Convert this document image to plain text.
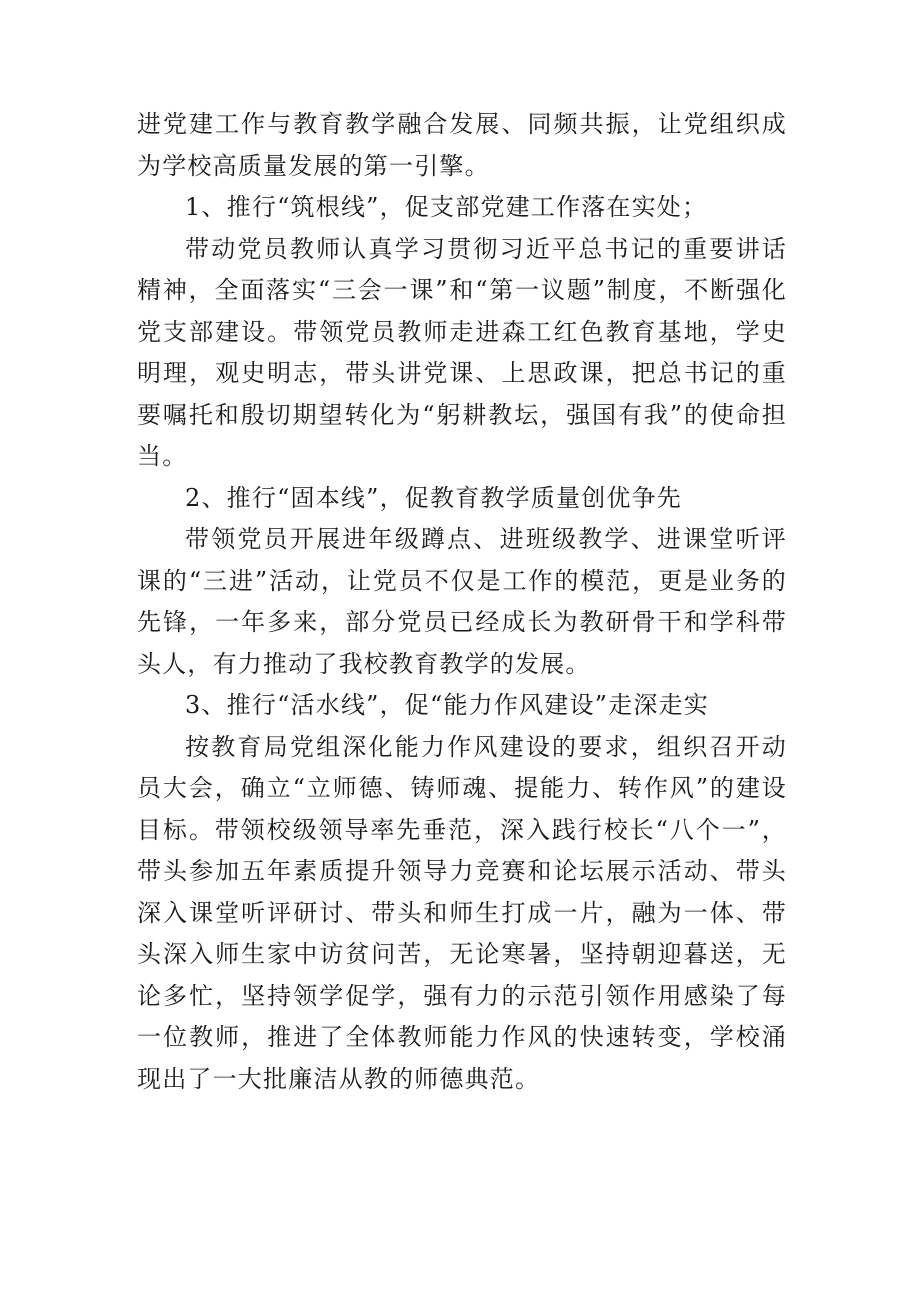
进党建工作与教育教学融合发展、同频共振，让党组织成为学校高质量发展的第一引擎。

1、推行“筑根线”，促支部党建工作落在实处；

带动党员教师认真学习贯彻习近平总书记的重要讲话精神，全面落实“三会一课”和“第一议题”制度，不断强化党支部建设。带领党员教师走进森工红色教育基地，学史明理，观史明志，带头讲党课、上思政课，把总书记的重要嘱托和殷切期望转化为“躬耕教坛，强国有我”的使命担当。

2、推行“固本线”，促教育教学质量创优争先

带领党员开展进年级蹲点、进班级教学、进课堂听评课的“三进”活动，让党员不仅是工作的模范，更是业务的先锋，一年多来，部分党员已经成长为教研骨干和学科带头人，有力推动了我校教育教学的发展。

3、推行“活水线”，促“能力作风建设”走深走实

按教育局党组深化能力作风建设的要求，组织召开动员大会，确立“立师德、铸师魂、提能力、转作风”的建设目标。带领校级领导率先垂范，深入践行校长“八个一”，带头参加五年素质提升领导力竞赛和论坛展示活动、带头深入课堂听评研讨、带头和师生打成一片，融为一体、带头深入师生家中访贫问苦，无论寒暑，坚持朝迎暮送，无论多忙，坚持领学促学，强有力的示范引领作用感染了每一位教师，推进了全体教师能力作风的快速转变，学校涌现出了一大批廉洁从教的师德典范。
